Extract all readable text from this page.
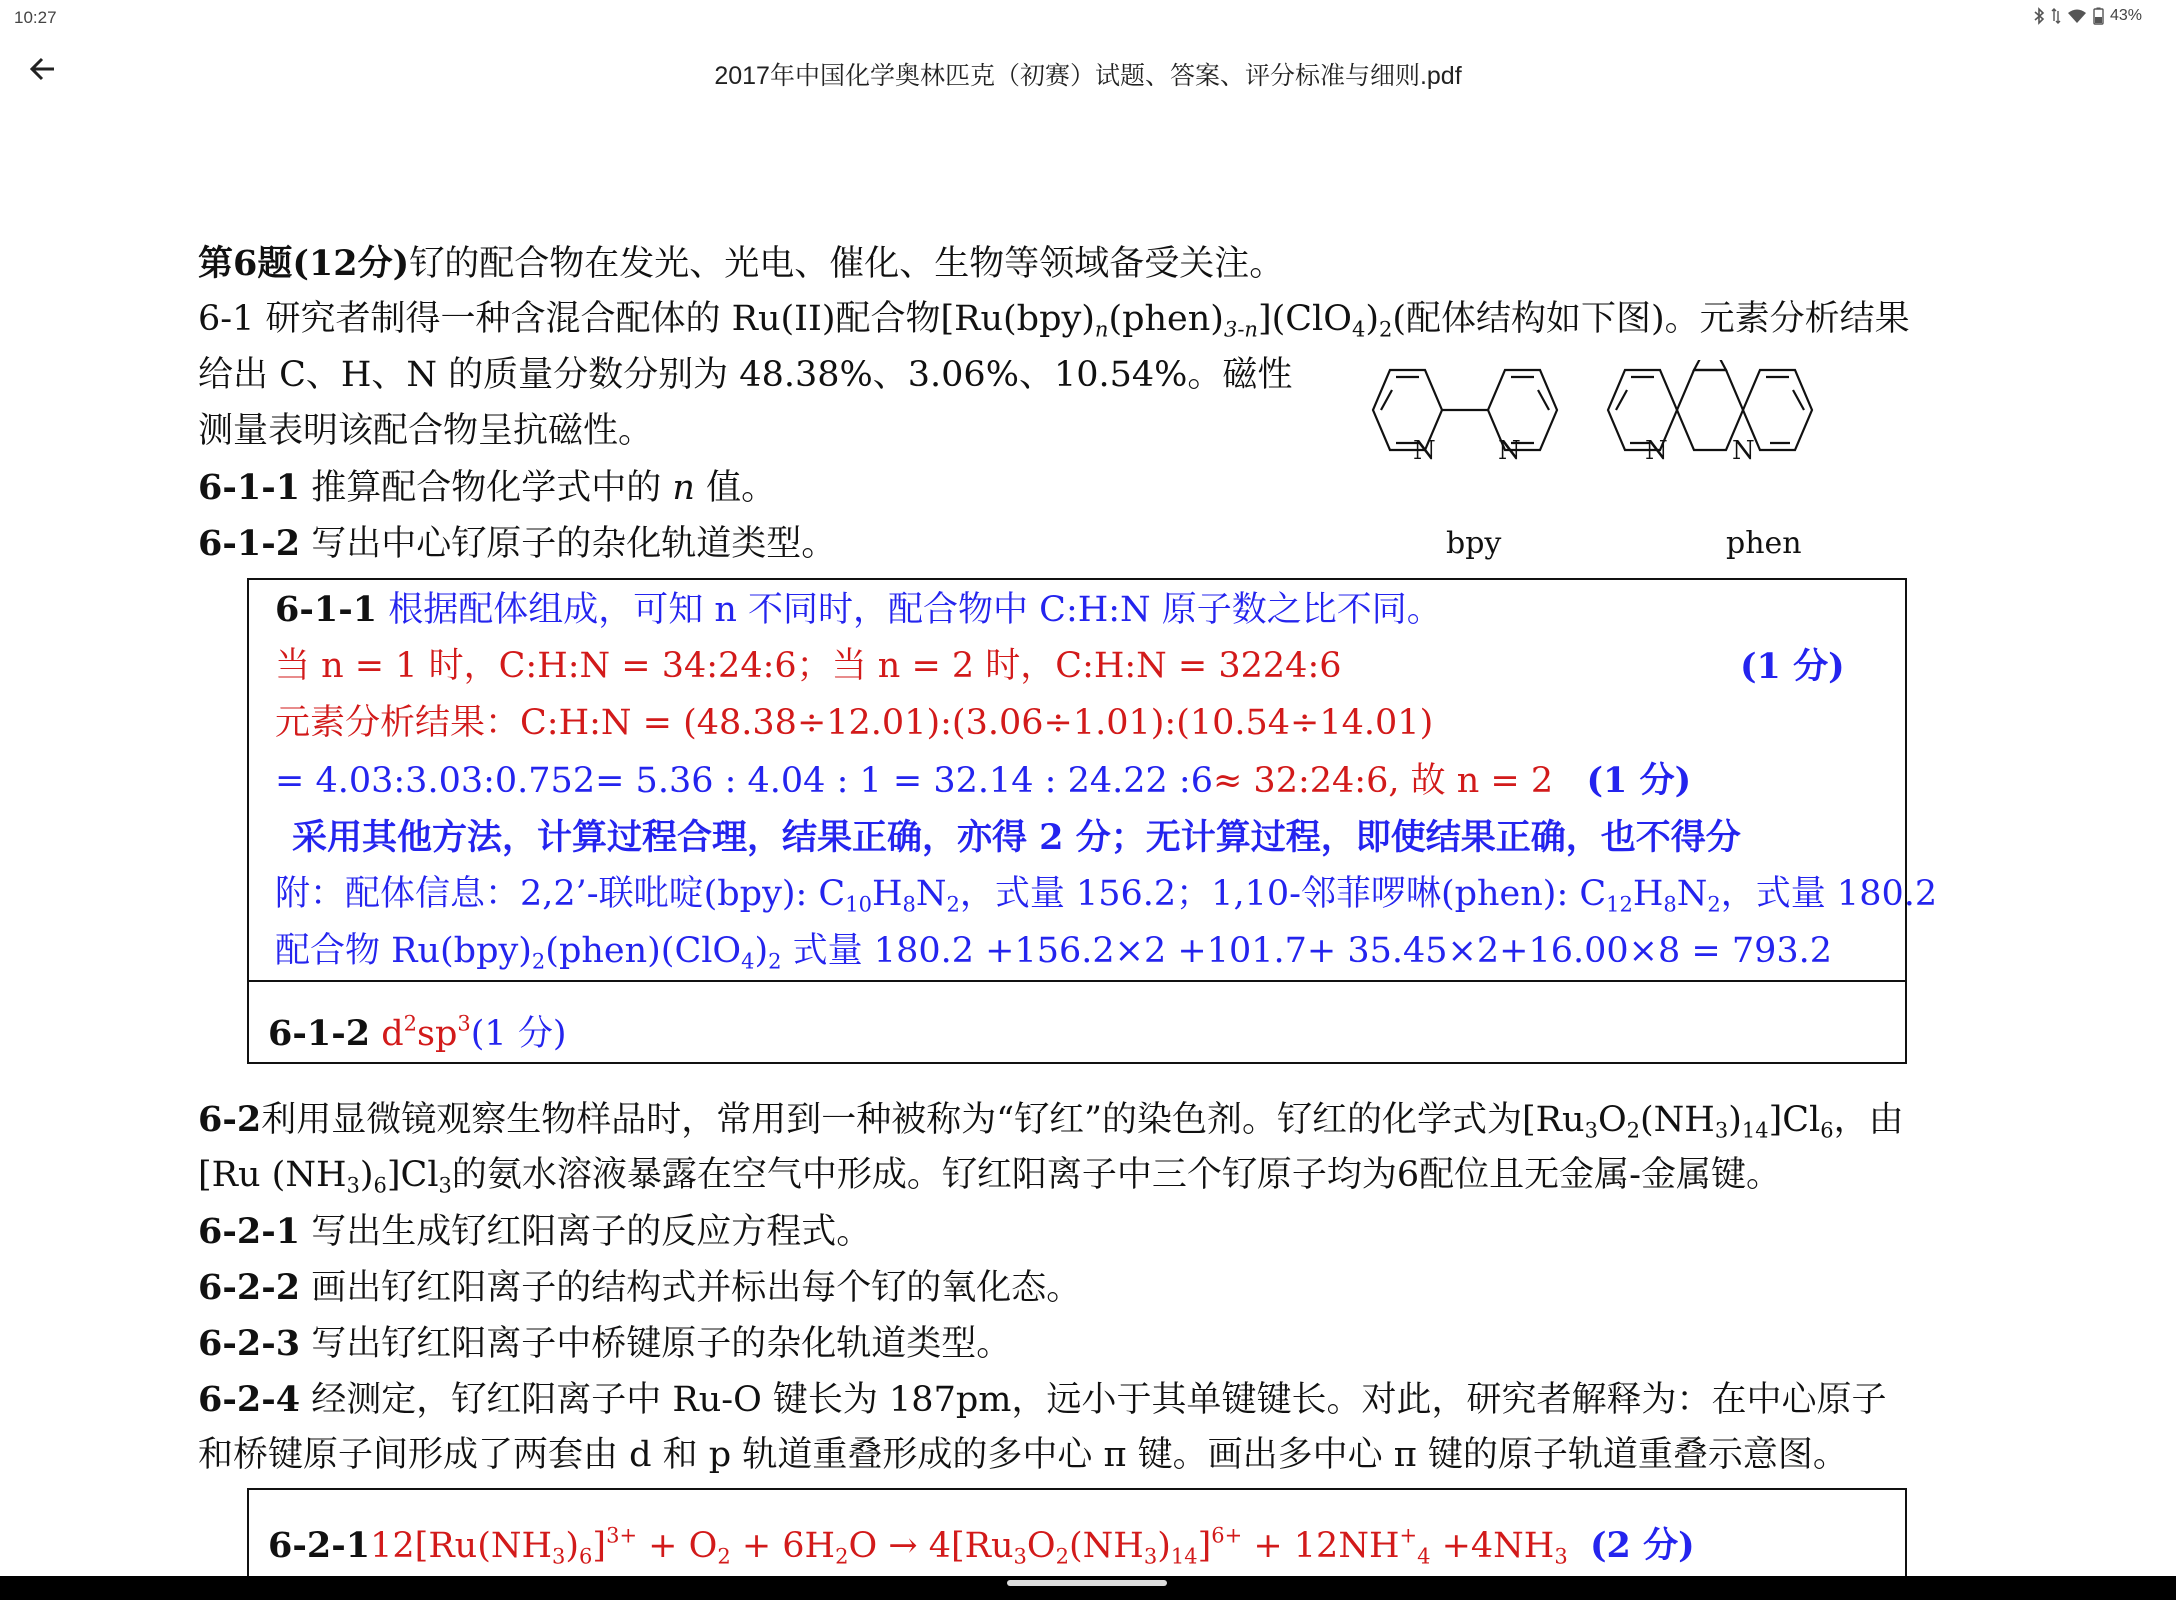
10:27	43%
2017年中国化学奥林匹克（初赛）试题、答案、评分标准与细则.pdf
第6题(12分)钌的配合物在发光、光电、催化、生物等领域备受关注。
6-1 研究者制得一种含混合配体的 Ru(II)配合物$[Ru(bpy)_n(phen)_{3-n}](ClO_4)_2$(配体结构如下图)。元素分析结果
给出 C、H、N 的质量分数分别为 48.38%、3.06%、10.54%。磁性
测量表明该配合物呈抗磁性。
6-1-1 推算配合物化学式中的 n 值。
6-1-2 写出中心钌原子的杂化轨道类型。
N N	N N
bpy	phen
6-1-1 根据配体组成，可知 n 不同时，配合物中 C:H:N 原子数之比不同。
当 n = 1 时，C:H:N = 34:24:6；当 n = 2 时，C:H:N = 3224:6	(1 分)
元素分析结果：C:H:N = (48.38÷12.01):(3.06÷1.01):(10.54÷14.01)
= 4.03:3.03:0.752= 5.36 : 4.04 : 1 = 32.14 : 24.22 :6≈ 32:24:6, 故 n = 2 (1 分)
采用其他方法，计算过程合理，结果正确，亦得 2 分；无计算过程，即使结果正确，也不得分
附：配体信息：2,2’-联吡啶(bpy): $C_{10}H_8N_2$，式量 156.2；1,10-邻菲啰啉(phen): $C_{12}H_8N_2$，式量 180.2
配合物 $Ru(bpy)_2(phen)(ClO_4)_2$ 式量 180.2 +156.2×2 +101.7+ 35.45×2+16.00×8 = 793.2
6-1-2 $d^2sp^3(1$ 分)
6-2利用显微镜观察生物样品时，常用到一种被称为“钌红”的染色剂。钌红的化学式为$[Ru_3O_2(NH_3)_{14}]Cl_6$，由
[Ru $(NH_3)_6]Cl_3$的氨水溶液暴露在空气中形成。钌红阳离子中三个钌原子均为6配位且无金属-金属键。
6-2-1 写出生成钌红阳离子的反应方程式。
6-2-2 画出钌红阳离子的结构式并标出每个钌的氧化态。
6-2-3 写出钌红阳离子中桥键原子的杂化轨道类型。
6-2-4 经测定，钌红阳离子中 Ru-O 键长为 187pm，远小于其单键键长。对此，研究者解释为：在中心原子
和桥键原子间形成了两套由 d 和 p 轨道重叠形成的多中心 π 键。画出多中心 π 键的原子轨道重叠示意图。
$6-2-112[Ru(NH_3)_6]^{3+} + O_2 + 6H_2O \to 4[Ru_3O_2(NH_3)_{14}]^{6+} + 12NH^+_4 +4NH_3$ (2 分)
